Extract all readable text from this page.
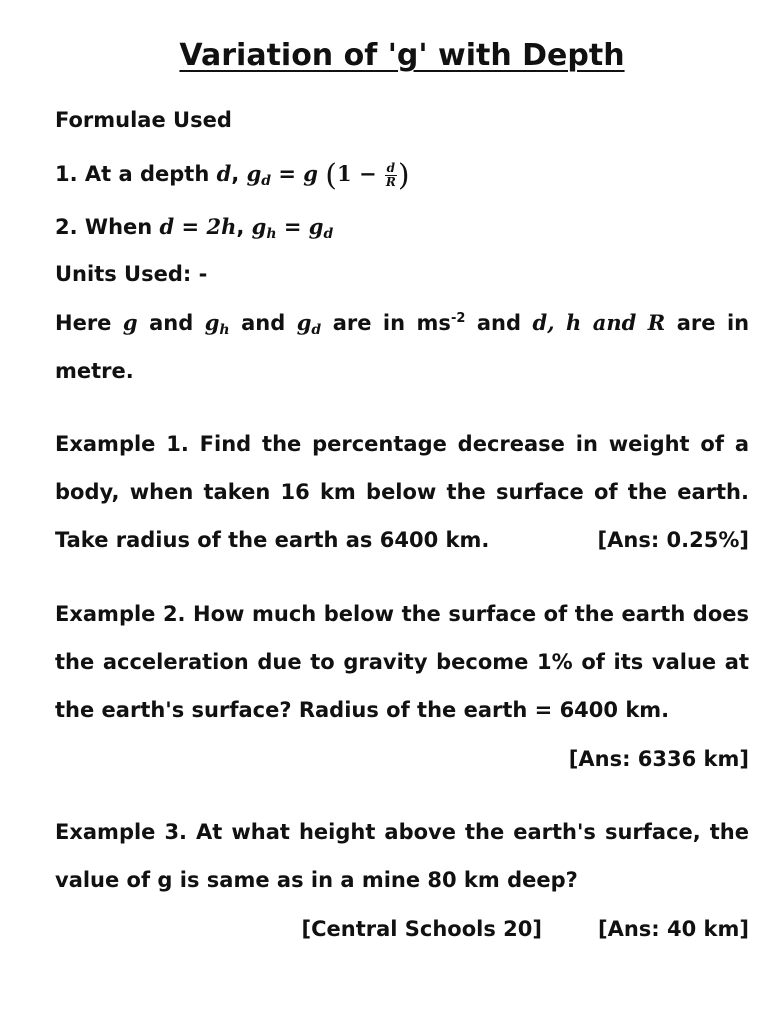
Variation of 'g' with Depth
Formulae Used
1. At a depth d, $g_d = g$ ($1 - \frac{d}{R}$ )
2. When d = 2h, $g_h = g_d$
Units Used: -
Here g and $g_h$ and $g_d$ are in $ms^{-2}$ and d, h and R are in
metre.
Example 1. Find the percentage decrease in weight of a
body, when taken 16 km below the surface of the earth.
Take radius of the earth as 6400 km.	[Ans: 0.25%]
Example 2. How much below the surface of the earth does
the acceleration due to gravity become 1% of its value at
the earth's surface? Radius of the earth = 6400 km.
[Ans: 6336 km]
Example 3. At what height above the earth's surface, the
value of g is same as in a mine 80 km deep?
[Central Schools 20]	[Ans: 40 km]
